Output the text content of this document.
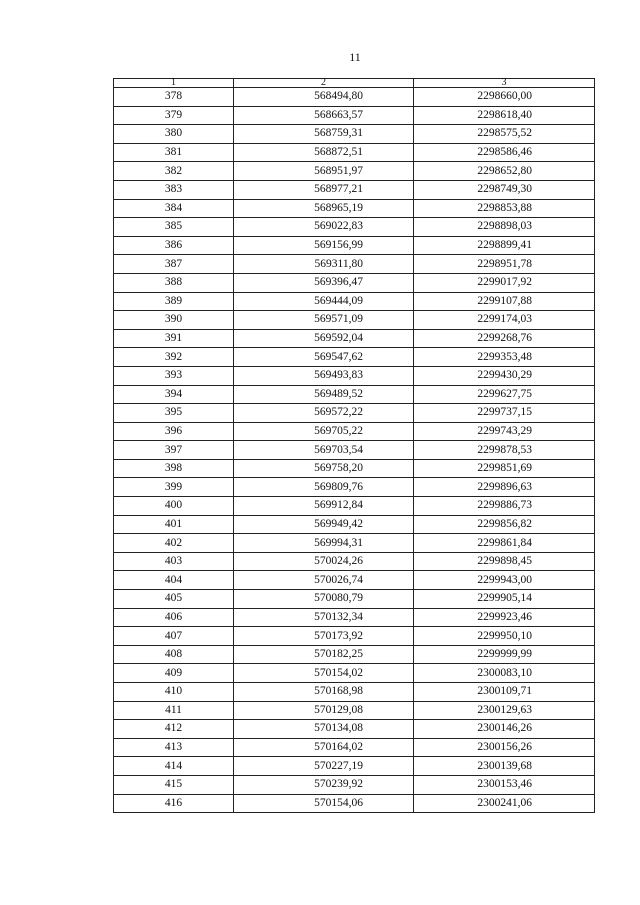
11
1	2	3
378	568494,80	2298660,00
379	568663,57	2298618,40
380	568759,31	2298575,52
381	568872,51	2298586,46
382	568951,97	2298652,80
383	568977,21	2298749,30
384	568965,19	2298853,88
385	569022,83	2298898,03
386	569156,99	2298899,41
387	569311,80	2298951,78
388	569396,47	2299017,92
389	569444,09	2299107,88
390	569571,09	2299174,03
391	569592,04	2299268,76
392	569547,62	2299353,48
393	569493,83	2299430,29
394	569489,52	2299627,75
395	569572,22	2299737,15
396	569705,22	2299743,29
397	569703,54	2299878,53
398	569758,20	2299851,69
399	569809,76	2299896,63
400	569912,84	2299886,73
401	569949,42	2299856,82
402	569994,31	2299861,84
403	570024,26	2299898,45
404	570026,74	2299943,00
405	570080,79	2299905,14
406	570132,34	2299923,46
407	570173,92	2299950,10
408	570182,25	2299999,99
409	570154,02	2300083,10
410	570168,98	2300109,71
411	570129,08	2300129,63
412	570134,08	2300146,26
413	570164,02	2300156,26
414	570227,19	2300139,68
415	570239,92	2300153,46
416	570154,06	2300241,06
